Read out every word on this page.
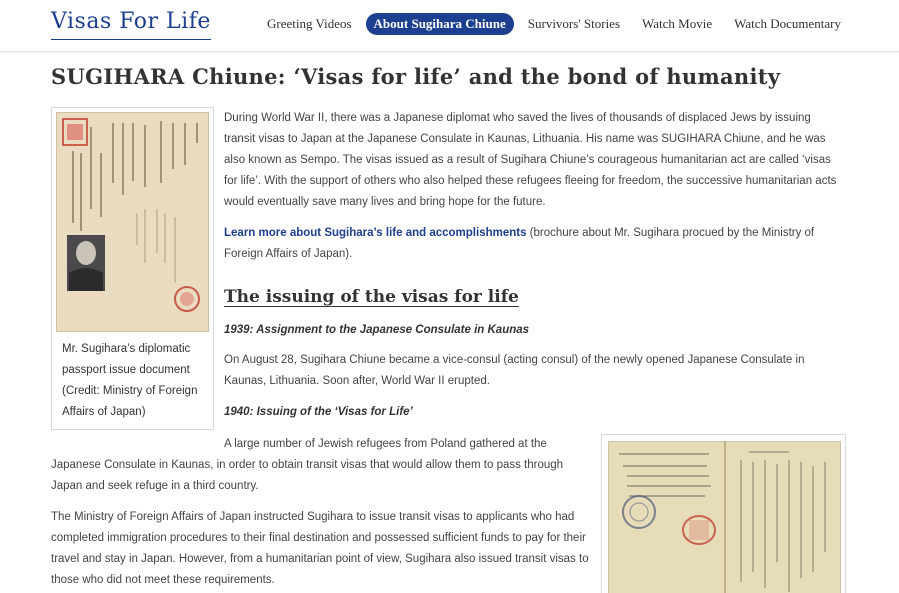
Visas For Life	Greeting Videos	About Sugihara Chiune	Survivors' Stories	Watch Movie	Watch Documentary
SUGIHARA Chiune: ‘Visas for life’ and the bond of humanity
Mr. Sugihara’s diplomatic passport issue document (Credit: Ministry of Foreign Affairs of Japan)

During World War II, there was a Japanese diplomat who saved the lives of thousands of displaced Jews by issuing transit visas to Japan at the Japanese Consulate in Kaunas, Lithuania. His name was SUGIHARA Chiune, and he was also known as Sempo. The visas issued as a result of Sugihara Chiune’s courageous humanitarian act are called ‘visas for life’. With the support of others who also helped these refugees fleeing for freedom, the successive humanitarian acts would eventually save many lives and bring hope for the future.

Learn more about Sugihara’s life and accomplishments (brochure about Mr. Sugihara procued by the Ministry of Foreign Affairs of Japan).

The issuing of the visas for life
1939: Assignment to the Japanese Consulate in Kaunas

On August 28, Sugihara Chiune became a vice-consul (acting consul) of the newly opened Japanese Consulate in Kaunas, Lithuania. Soon after, World War II erupted.

1940: Issuing of the ‘Visas for Life’

A large number of Jewish refugees from Poland gathered at the Japanese Consulate in Kaunas, in order to obtain transit visas that would allow them to pass through Japan and seek refuge in a third country.

The Ministry of Foreign Affairs of Japan instructed Sugihara to issue transit visas to applicants who had completed immigration procedures to their final destination and possessed sufficient funds to pay for their travel and stay in Japan. However, from a humanitarian point of view, Sugihara also issued transit visas to those who did not meet these requirements.
